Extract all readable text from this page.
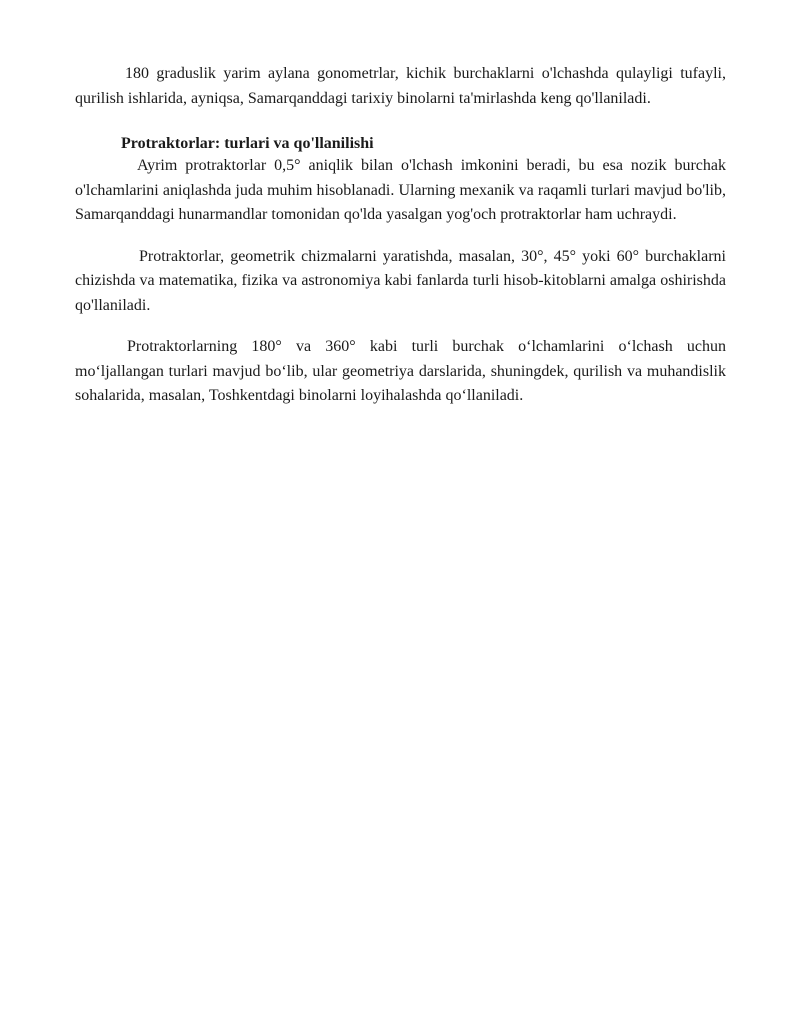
180 graduslik yarim aylana gonometrlar, kichik burchaklarni o'lchashda qulayligi tufayli, qurilish ishlarida, ayniqsa, Samarqanddagi tarixiy binolarni ta'mirlashda keng qo'llaniladi.

Protraktorlar: turlari va qo'llanilishi

Ayrim protraktorlar 0,5° aniqlik bilan o'lchash imkonini beradi, bu esa nozik burchak o'lchamlarini aniqlashda juda muhim hisoblanadi. Ularning mexanik va raqamli turlari mavjud bo'lib, Samarqanddagi hunarmandlar tomonidan qo'lda yasalgan yog'och protraktorlar ham uchraydi.

Protraktorlar, geometrik chizmalarni yaratishda, masalan, 30°, 45° yoki 60° burchaklarni chizishda va matematika, fizika va astronomiya kabi fanlarda turli hisob-kitoblarni amalga oshirishda qo'llaniladi.

Protraktorlarning 180° va 360° kabi turli burchak o‘lchamlarini o‘lchash uchun mo‘ljallangan turlari mavjud bo‘lib, ular geometriya darslarida, shuningdek, qurilish va muhandislik sohalarida, masalan, Toshkentdagi binolarni loyihalashda qo‘llaniladi.
